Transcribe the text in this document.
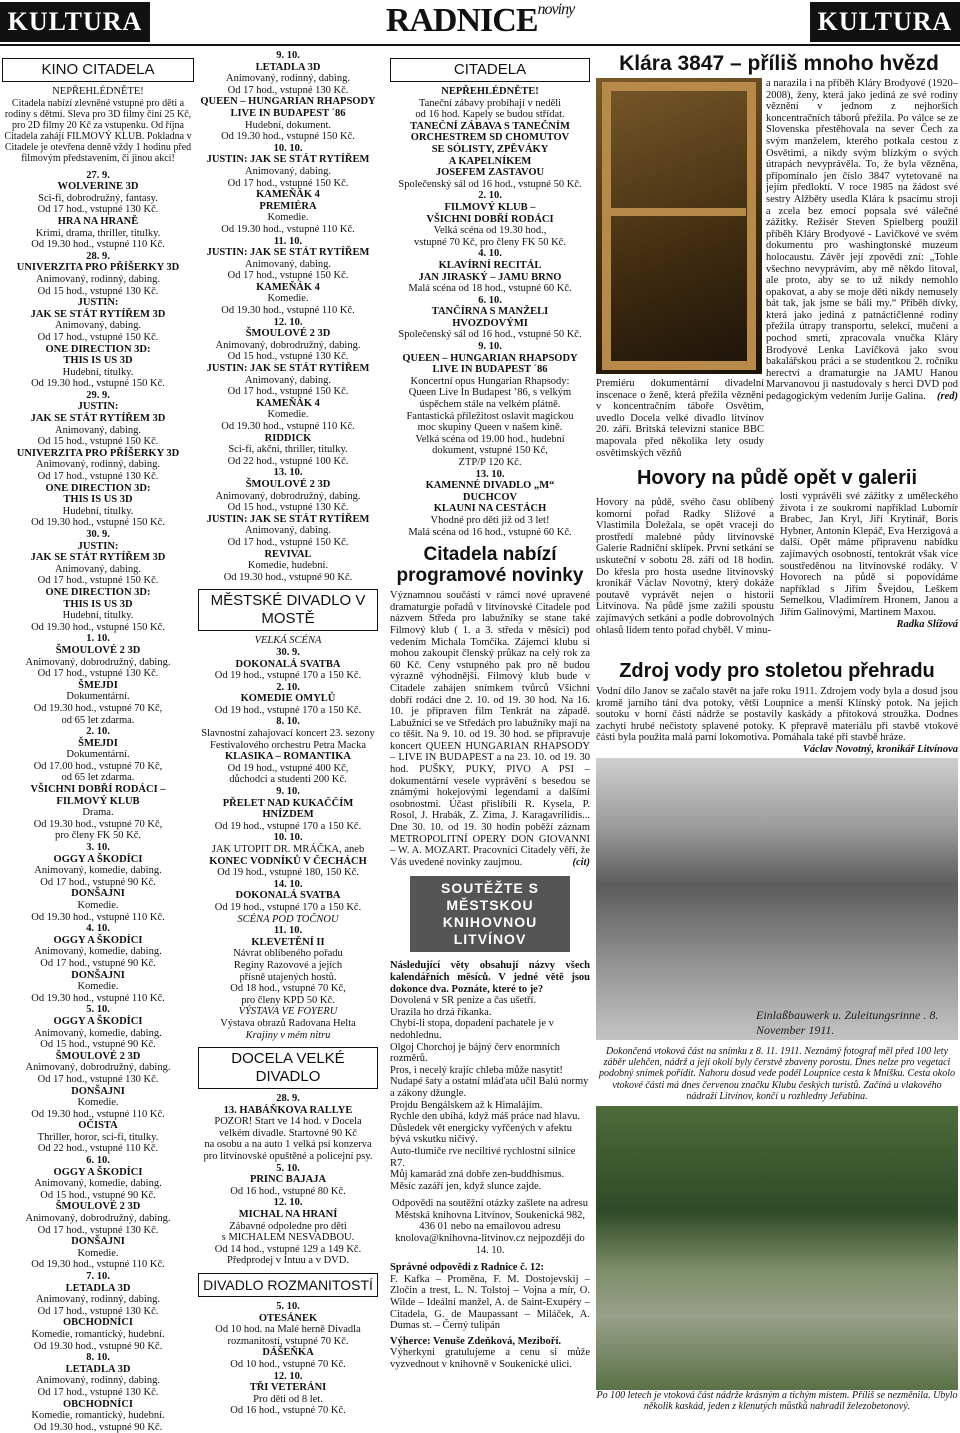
KULTURA	$RADNICE^{noviny}$	KULTURA
KINO CITADELA
NEPŘEHLÉDNĚTE!
Citadela nabízí zlevněné vstupné pro děti a rodiny s dětmi. Sleva pro 3D filmy činí 25 Kč, pro 2D filmy 20 Kč za vstupenku. Od října Citadela zahájí FILMOVÝ KLUB. Pokladna v Citadele je otevřena denně vždy 1 hodinu před filmovým představením, či jinou akcí!
27. 9.
WOLVERINE 3D
Sci-fi, dobrodružný, fantasy.
Od 17 hod., vstupné 130 Kč.
HRA NA HRANĚ
Krimi, drama, thriller, titulky.
Od 19.30 hod., vstupné 110 Kč.
28. 9.
UNIVERZITA PRO PŘÍŠERKY 3D
Animovaný, rodinný, dabing.
Od 15 hod., vstupné 130 Kč.
JUSTIN:
JAK SE STÁT RYTÍŘEM 3D
Animovaný, dabing.
Od 17 hod., vstupné 150 Kč.
ONE DIRECTION 3D:
THIS IS US 3D
Hudební, titulky.
Od 19.30 hod., vstupné 150 Kč.
29. 9.
JUSTIN:
JAK SE STÁT RYTÍŘEM 3D
Animovaný, dabing.
Od 15 hod., vstupné 150 Kč.
UNIVERZITA PRO PŘÍŠERKY 3D
Animovaný, rodinný, dabing.
Od 17 hod., vstupné 130 Kč.
ONE DIRECTION 3D:
THIS IS US 3D
Hudební, titulky.
Od 19.30 hod., vstupné 150 Kč.
30. 9.
JUSTIN:
JAK SE STÁT RYTÍŘEM 3D
Animovaný, dabing.
Od 17 hod., vstupné 150 Kč.
ONE DIRECTION 3D:
THIS IS US 3D
Hudební, titulky.
Od 19.30 hod., vstupné 150 Kč.
1. 10.
ŠMOULOVÉ 2 3D
Animovaný, dobrodružný, dabing.
Od 17 hod., vstupné 130 Kč.
ŠMEJDI
Dokumentární.
Od 19.30 hod., vstupné 70 Kč,
od 65 let zdarma.
2. 10.
ŠMEJDI
Dokumentární.
Od 17.00 hod., vstupné 70 Kč,
od 65 let zdarma.
VŠICHNI DOBŘÍ RODÁCI –
FILMOVÝ KLUB
Drama.
Od 19.30 hod., vstupné 70 Kč,
pro členy FK 50 Kč.
3. 10.
OGGY A ŠKODÍCI
Animovaný, komedie, dabing.
Od 17 hod., vstupné 90 Kč.
DONŠAJNI
Komedie.
Od 19.30 hod., vstupné 110 Kč.
4. 10.
OGGY A ŠKODÍCI
Animovaný, komedie, dabing.
Od 17 hod., vstupné 90 Kč.
DONŠAJNI
Komedie.
Od 19.30 hod., vstupné 110 Kč.
5. 10.
OGGY A ŠKODÍCI
Animovaný, komedie, dabing.
Od 15 hod., vstupné 90 Kč.
ŠMOULOVÉ 2 3D
Animovaný, dobrodružný, dabing.
Od 17 hod., vstupné 130 Kč.
DONŠAJNI
Komedie.
Od 19.30 hod., vstupné 110 Kč.
OČISTA
Thriller, horor, sci-fi, titulky.
Od 22 hod., vstupné 110 Kč.
6. 10.
OGGY A ŠKODÍCI
Animovaný, komedie, dabing.
Od 15 hod., vstupné 90 Kč.
ŠMOULOVÉ 2 3D
Animovaný, dobrodružný, dabing.
Od 17 hod., vstupné 130 Kč.
DONŠAJNI
Komedie.
Od 19.30 hod., vstupné 110 Kč.
7. 10.
LETADLA 3D
Animovaný, rodinný, dabing.
Od 17 hod., vstupné 130 Kč.
OBCHODNÍCI
Komedie, romantický, hudební.
Od 19.30 hod., vstupné 90 Kč.
8. 10.
LETADLA 3D
Animovaný, rodinný, dabing.
Od 17 hod., vstupné 130 Kč.
OBCHODNÍCI
Komedie, romantický, hudební.
Od 19.30 hod., vstupné 90 Kč.
9. 10.
LETADLA 3D
Animovaný, rodinný, dabing.
Od 17 hod., vstupné 130 Kč.
QUEEN – HUNGARIAN RHAPSODY
LIVE IN BUDAPEST ´86
Hudební, dokument.
Od 19.30 hod., vstupné 150 Kč.
10. 10.
JUSTIN: JAK SE STÁT RYTÍŘEM
Animovaný, dabing.
Od 17 hod., vstupné 150 Kč.
KAMEŇÁK 4
PREMIÉRA
Komedie.
Od 19.30 hod., vstupné 110 Kč.
11. 10.
JUSTIN: JAK SE STÁT RYTÍŘEM
Animovaný, dabing.
Od 17 hod., vstupné 150 Kč.
KAMEŇÁK 4
Komedie.
Od 19.30 hod., vstupné 110 Kč.
12. 10.
ŠMOULOVÉ 2 3D
Animovaný, dobrodružný, dabing.
Od 15 hod., vstupné 130 Kč.
JUSTIN: JAK SE STÁT RYTÍŘEM
Animovaný, dabing.
Od 17 hod., vstupné 150 Kč.
KAMEŇÁK 4
Komedie.
Od 19.30 hod., vstupné 110 Kč.
RIDDICK
Sci-fi, akční, thriller, titulky.
Od 22 hod., vstupné 100 Kč.
13. 10.
ŠMOULOVÉ 2 3D
Animovaný, dobrodružný, dabing.
Od 15 hod., vstupné 130 Kč.
JUSTIN: JAK SE STÁT RYTÍŘEM
Animovaný, dabing.
Od 17 hod., vstupné 150 Kč.
REVIVAL
Komedie, hudební.
Od 19.30 hod., vstupné 90 Kč.
MĚSTSKÉ DIVADLO V MOSTĚ
VELKÁ SCÉNA
30. 9.
DOKONALÁ SVATBA
Od 19 hod., vstupné 170 a 150 Kč.
2. 10.
KOMEDIE OMYLŮ
Od 19 hod., vstupné 170 a 150 Kč.
8. 10.
Slavnostní zahajovací koncert 23. sezony
Festivalového orchestru Petra Macka
KLASIKA – ROMANTIKA
Od 19 hod., vstupné 400 Kč,
důchodci a studenti 200 Kč.
9. 10.
PŘELET NAD KUKAČČÍM HNÍZDEM
Od 19 hod., vstupné 170 a 150 Kč.
10. 10.
JAK UTOPIT DR. MRÁČKA, aneb
KONEC VODNÍKŮ V ČECHÁCH
Od 19 hod., vstupné 180, 150 Kč.
14. 10.
DOKONALÁ SVATBA
Od 19 hod., vstupné 170 a 150 Kč.
SCÉNA POD TOČNOU
11. 10.
KLEVETĚNÍ II
Návrat oblíbeného pořadu
Reginy Razovové a jejích
přísně utajených hostů.
Od 18 hod., vstupné 70 Kč,
pro členy KPD 50 Kč.
VÝSTAVA VE FOYERU
Výstava obrazů Radovana Helta
Krajiny v mém nitru
DOCELA VELKÉ DIVADLO
28. 9.
13. HABÁŇKOVA RALLYE
POZOR! Start ve 14 hod. v Docela
velkém divadle. Startovné 90 Kč
na osobu a na auto 1 velká psí konzerva
pro litvínovské opuštěné a policejní psy.
5. 10.
PRINC BAJAJA
Od 16 hod., vstupné 80 Kč.
12. 10.
MICHAL NA HRANÍ
Zábavné odpoledne pro děti
s MICHALEM NESVADBOU.
Od 14 hod., vstupné 129 a 149 Kč.
Předprodej v Intuu a v DVD.
DIVADLO ROZMANITOSTÍ
5. 10.
OTESÁNEK
Od 10 hod. na Malé herně Divadla
rozmanitostí, vstupné 70 Kč.
DÁŠEŇKA
Od 10 hod., vstupné 70 Kč.
12. 10.
TŘI VETERÁNI
Pro děti od 8 let.
Od 16 hod., vstupné 70 Kč.
CITADELA
NEPŘEHLÉDNĚTE!
Taneční zábavy probíhají v neděli
od 16 hod. Kapely se budou střídat.
TANEČNÍ ZÁBAVA S TANEČNÍM
ORCHESTREM SD CHOMUTOV
SE SÓLISTY, ZPĚVÁKY
A KAPELNÍKEM
JOSEFEM ZASTAVOU
Společenský sál od 16 hod., vstupné 50 Kč.
2. 10.
FILMOVÝ KLUB –
VŠICHNI DOBŘÍ RODÁCI
Velká scéna od 19.30 hod.,
vstupné 70 Kč, pro členy FK 50 Kč.
4. 10.
KLAVÍRNÍ RECITÁL
JAN JIRASKÝ – JAMU BRNO
Malá scéna od 18 hod., vstupné 60 Kč.
6. 10.
TANČÍRNA S MANŽELI
HVOZDOVÝMI
Společenský sál od 16 hod., vstupné 50 Kč.
9. 10.
QUEEN – HUNGARIAN RHAPSODY
LIVE IN BUDAPEST ´86
Koncertní opus Hungarian Rhapsody:
Queen Live In Budapest ’86, s velkým
úspěchem stále na velkém plátně.
Fantastická příležitost oslavit magickou
moc skupiny Queen v našem kině.
Velká scéna od 19.00 hod., hudební
dokument, vstupné 150 Kč,
ZTP/P 120 Kč.
13. 10.
KAMENNÉ DIVADLO „M“
DUCHCOV
KLAUNI NA CESTÁCH
Vhodné pro děti již od 3 let!
Malá scéna od 16 hod., vstupné 60 Kč.
Citadela nabízí programové novinky
Významnou součástí v rámci nové upravené dramaturgie pořadů v litvínovské Citadele pod názvem Středa pro labužníky se stane také Filmový klub ( 1. a 3. středa v měsíci) pod vedením Michala Tomčíka. Zájemci klubu si mohou zakoupit členský průkaz na celý rok za 60 Kč. Ceny vstupného pak pro ně budou výrazně výhodnější. Filmový klub bude v Citadele zahájen snímkem tvůrců Všichni dobří rodáci dne 2. 10. od 19. 30 hod. Na 16. 10. je připraven film Tenkrát na západě. Labužníci se ve Středách pro labužníky mají na co těšit. Na 9. 10. od 19. 30 hod. se připravuje koncert QUEEN HUNGARIAN RHAPSODY – LIVE IN BUDAPEST a na 23. 10. od 19. 30 hod. PUŠKY, PUKY, PIVO A PSI – dokumentární vesele vyprávění s besedou se známými hokejovými legendami a dalšími osobnostmi. Účast přislíbili R. Kysela, P. Rosol, J. Hrabák, Z. Zima, J. Karagavrilidis... Dne 30. 10. od 19. 30 hodin poběží záznam METROPOLITNÍ OPERY DON GIOVANNI – W. A. MOZART. Pracovníci Citadely věří, že Vás uvedené novinky zaujmou.	(cit)
SOUTĚŽTE S MĚSTSKOU KNIHOVNOU LITVÍNOV
Následující věty obsahují názvy všech kalendářních měsíců. V jedné větě jsou dokonce dva. Poznáte, které to je?
Dovolená v SR peníze a čas ušetří.
Urazila ho drzá říkanka.
Chybí-li stopa, dopadení pachatele je v nedohlednu.
Olgoj Chorchoj je bájný červ enormních rozměrů.
Pros, i necelý krajíc chleba může nasytit!
Nudapé šaty a ostatní mláďata učil Balú normy a zákony džungle.
Projdu Bengálskem až k Himalájím.
Rychle den ubíhá, když máš práce nad hlavu.
Důsledek vět energicky vyřčených v afektu bývá vskutku ničivý.
Auto-tlumiče rve neciltivé rychlostní silnice R7.
Můj kamarád zná dobře zen-buddhismus.
Měsíc zazáří jen, když slunce zajde.
Odpovědi na soutěžní otázky zašlete na adresu Městská knihovna Litvínov, Soukenická 982, 436 01 nebo na emailovou adresu knolova@knihovna-litvinov.cz nejpozději do 14. 10.
Správné odpovědi z Radnice č. 12:
F. Kafka – Proměna, F. M. Dostojevskij – Zločin a trest, L. N. Tolstoj – Vojna a mír, O. Wilde – Ideální manžel, A. de Saint-Exupéry – Citadela, G. de Maupassant – Miláček, A. Dumas st. – Černý tulipán
Výherce: Venuše Zdeňková, Meziboří.
Výherkyni gratulujeme a cenu si může vyzvednout v knihovně v Soukenické ulici.
Klára 3847 – příliš mnoho hvězd
Premiéru dokumentární divadelní inscenace o ženě, která přežila vězněni v koncentračním táboře Osvětim, uvedlo Docela velké divadlo litvínov 20. září. Britská televizní stanice BBC mapovala před několika lety osudy osvětimských vězňů
a narazila i na příběh Kláry Brodyové (1920–2008), ženy, která jako jediná ze své rodiny věznění v jednom z nejhorších koncentračních táborů přežila. Po válce se ze Slovenska přestěhovala na sever Čech za svým manželem, kterého potkala cestou z Osvětimi, a nikdy svým blízkým o svých útrapách nevyprávěla. To, že byla vězněna, připomínalo jen číslo 3847 vytetované na jejím předloktí. V roce 1985 na žádost své sestry Alžběty usedla Klára k psacímu stroji a zcela bez emocí popsala své válečné zážitky. Režisér Steven Spielberg použil příběh Kláry Brodyové - Lavičkové ve svém dokumentu pro washingtonské muzeum holocaustu. Závěr její zpovědi zní: „Tohle všechno nevyprávím, aby mě někdo litoval, ale proto, aby se to už nikdy nemohlo opakovat, a aby se moje děti nikdy nemusely bát tak, jak jsme se báli my.“ Příběh dívky, která jako jediná z patnáctičlenné rodiny přežila útrapy transportu, selekcí, mučení a pochod smrti, zpracovala vnučka Kláry Brodyové Lenka Lavičková jako svou bakalářskou práci a se studentkou 2. ročníku herectví a dramaturgie na JAMU Hanou Marvanovou ji nastudovaly s herci DVD pod pedagogickým vedením Jurije Galina. (red)
Hovory na půdě opět v galerii
Hovory na půdě, svého času oblíbený komorní pořad Radky Slížové a Vlastimila Doležala, se opět vracejí do prostředí malebné půdy litvínovské Galerie Radniční sklípek. První setkání se uskuteční v sobotu 28. září od 18 hodin. Do křesla pro hosta usedne litvínovský kronikář Václav Novotný, který dokáže poutavě vyprávět nejen o historii Litvínova. Na půdě jsme zažili spoustu zajímavých setkání a podle dobrovolných ohlasů lidem tento pořad chyběl. V minu-
losti vyprávěli své zážitky z uměleckého života i ze soukromí například Lubomír Brabec, Jan Kryl, Jiří Krytinář, Boris Hybner, Antonín Klepáč, Eva Herzigová a další. Opět máme připravenu nabídku zajímavých osobností, tentokrát však více soustředěnou na litvínovské rodáky. V Hovorech na půdě si popovídáme například s Jiřím Švejdou, Leškem Semelkou, Vladimírem Hronem, Janou a Jiřím Galinovými, Martinem Maxou.
Radka Slížová
Zdroj vody pro stoletou přehradu
Vodní dílo Janov se začalo stavět na jaře roku 1911. Zdrojem vody byla a dosud jsou kromě jarního tání dva potoky, větší Loupnice a menší Klínský potok. Na jejich soutoku v horní části nádrže se postavily kaskády a přítoková stroužka. Dodnes zachyti hrubé nečistoty splavené potoky. K přepravě materiálu při stavbě vtokové části byla použita malá parní lokomotiva. Pomáhala také při stavbě hráze.
Václav Novotný, kronikář Litvínova
Einlaßbauwerk u. Zuleitungsrinne . 8. November 1911.
Dokončená vtoková část na snímku z 8. 11. 1911. Neznámý fotograf měl před 100 lety záběr ulehčen, nádrž a její okolí byly čerstvě zbaveny porostu. Dnes nelze pro vegetaci podobný snímek pořídit. Nahoru dosud vede podél Loupnice cesta k Mníšku. Cesta okolo vtokové části má dnes červenou značku Klubu českých turistů. Začíná u vlakového nádraží Litvínov, končí u rozhledny Jeřabina.
Po 100 letech je vtoková část nádrže krásným a tichým místem. Příliš se nezměnila. Ubylo několik kaskád, jeden z klenutých můstků nahradil železobetonový.
